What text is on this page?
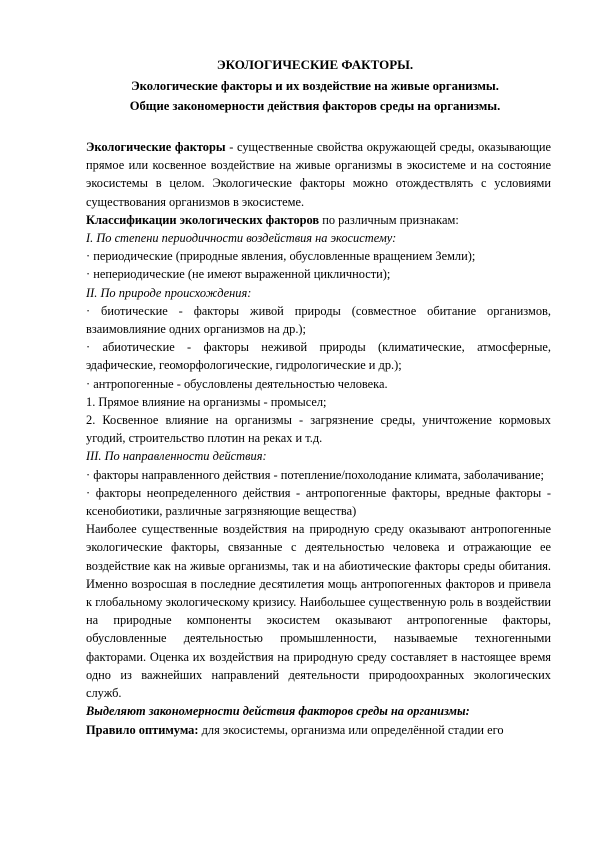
ЭКОЛОГИЧЕСКИЕ ФАКТОРЫ.
Экологические факторы и их воздействие на живые организмы.
Общие закономерности действия факторов среды на организмы.

Экологические факторы - существенные свойства окружающей среды, оказывающие прямое или косвенное воздействие на живые организмы в экосистеме и на состояние экосистемы в целом. Экологические факторы можно отождествлять с условиями существования организмов в экосистеме.

Классификации экологических факторов по различным признакам:

I. По степени периодичности воздействия на экосистему:

· периодические (природные явления, обусловленные вращением Земли);

· непериодические (не имеют выраженной цикличности);

II. По природе происхождения:

· биотические - факторы живой природы (совместное обитание организмов, взаимовлияние одних организмов на др.);

· абиотические - факторы неживой природы (климатические, атмосферные, эдафические, геоморфологические, гидрологические и др.);

· антропогенные - обусловлены деятельностью человека.

1. Прямое влияние на организмы - промысел;

2. Косвенное влияние на организмы - загрязнение среды, уничтожение кормовых угодий, строительство плотин на реках и т.д.

III. По направленности действия:

· факторы направленного действия - потепление/похолодание климата, заболачивание;

· факторы неопределенного действия - антропогенные факторы, вредные факторы - ксенобиотики, различные загрязняющие вещества)

Наиболее существенные воздействия на природную среду оказывают антропогенные экологические факторы, связанные с деятельностью человека и отражающие ее воздействие как на живые организмы, так и на абиотические факторы среды обитания. Именно возросшая в последние десятилетия мощь антропогенных факторов и привела к глобальному экологическому кризису. Наибольшее существенную роль в воздействии на природные компоненты экосистем оказывают антропогенные факторы, обусловленные деятельностью промышленности, называемые техногенными факторами. Оценка их воздействия на природную среду составляет в настоящее время одно из важнейших направлений деятельности природоохранных экологических служб.

Выделяют закономерности действия факторов среды на организмы:

Правило оптимума: для экосистемы, организма или определённой стадии его
